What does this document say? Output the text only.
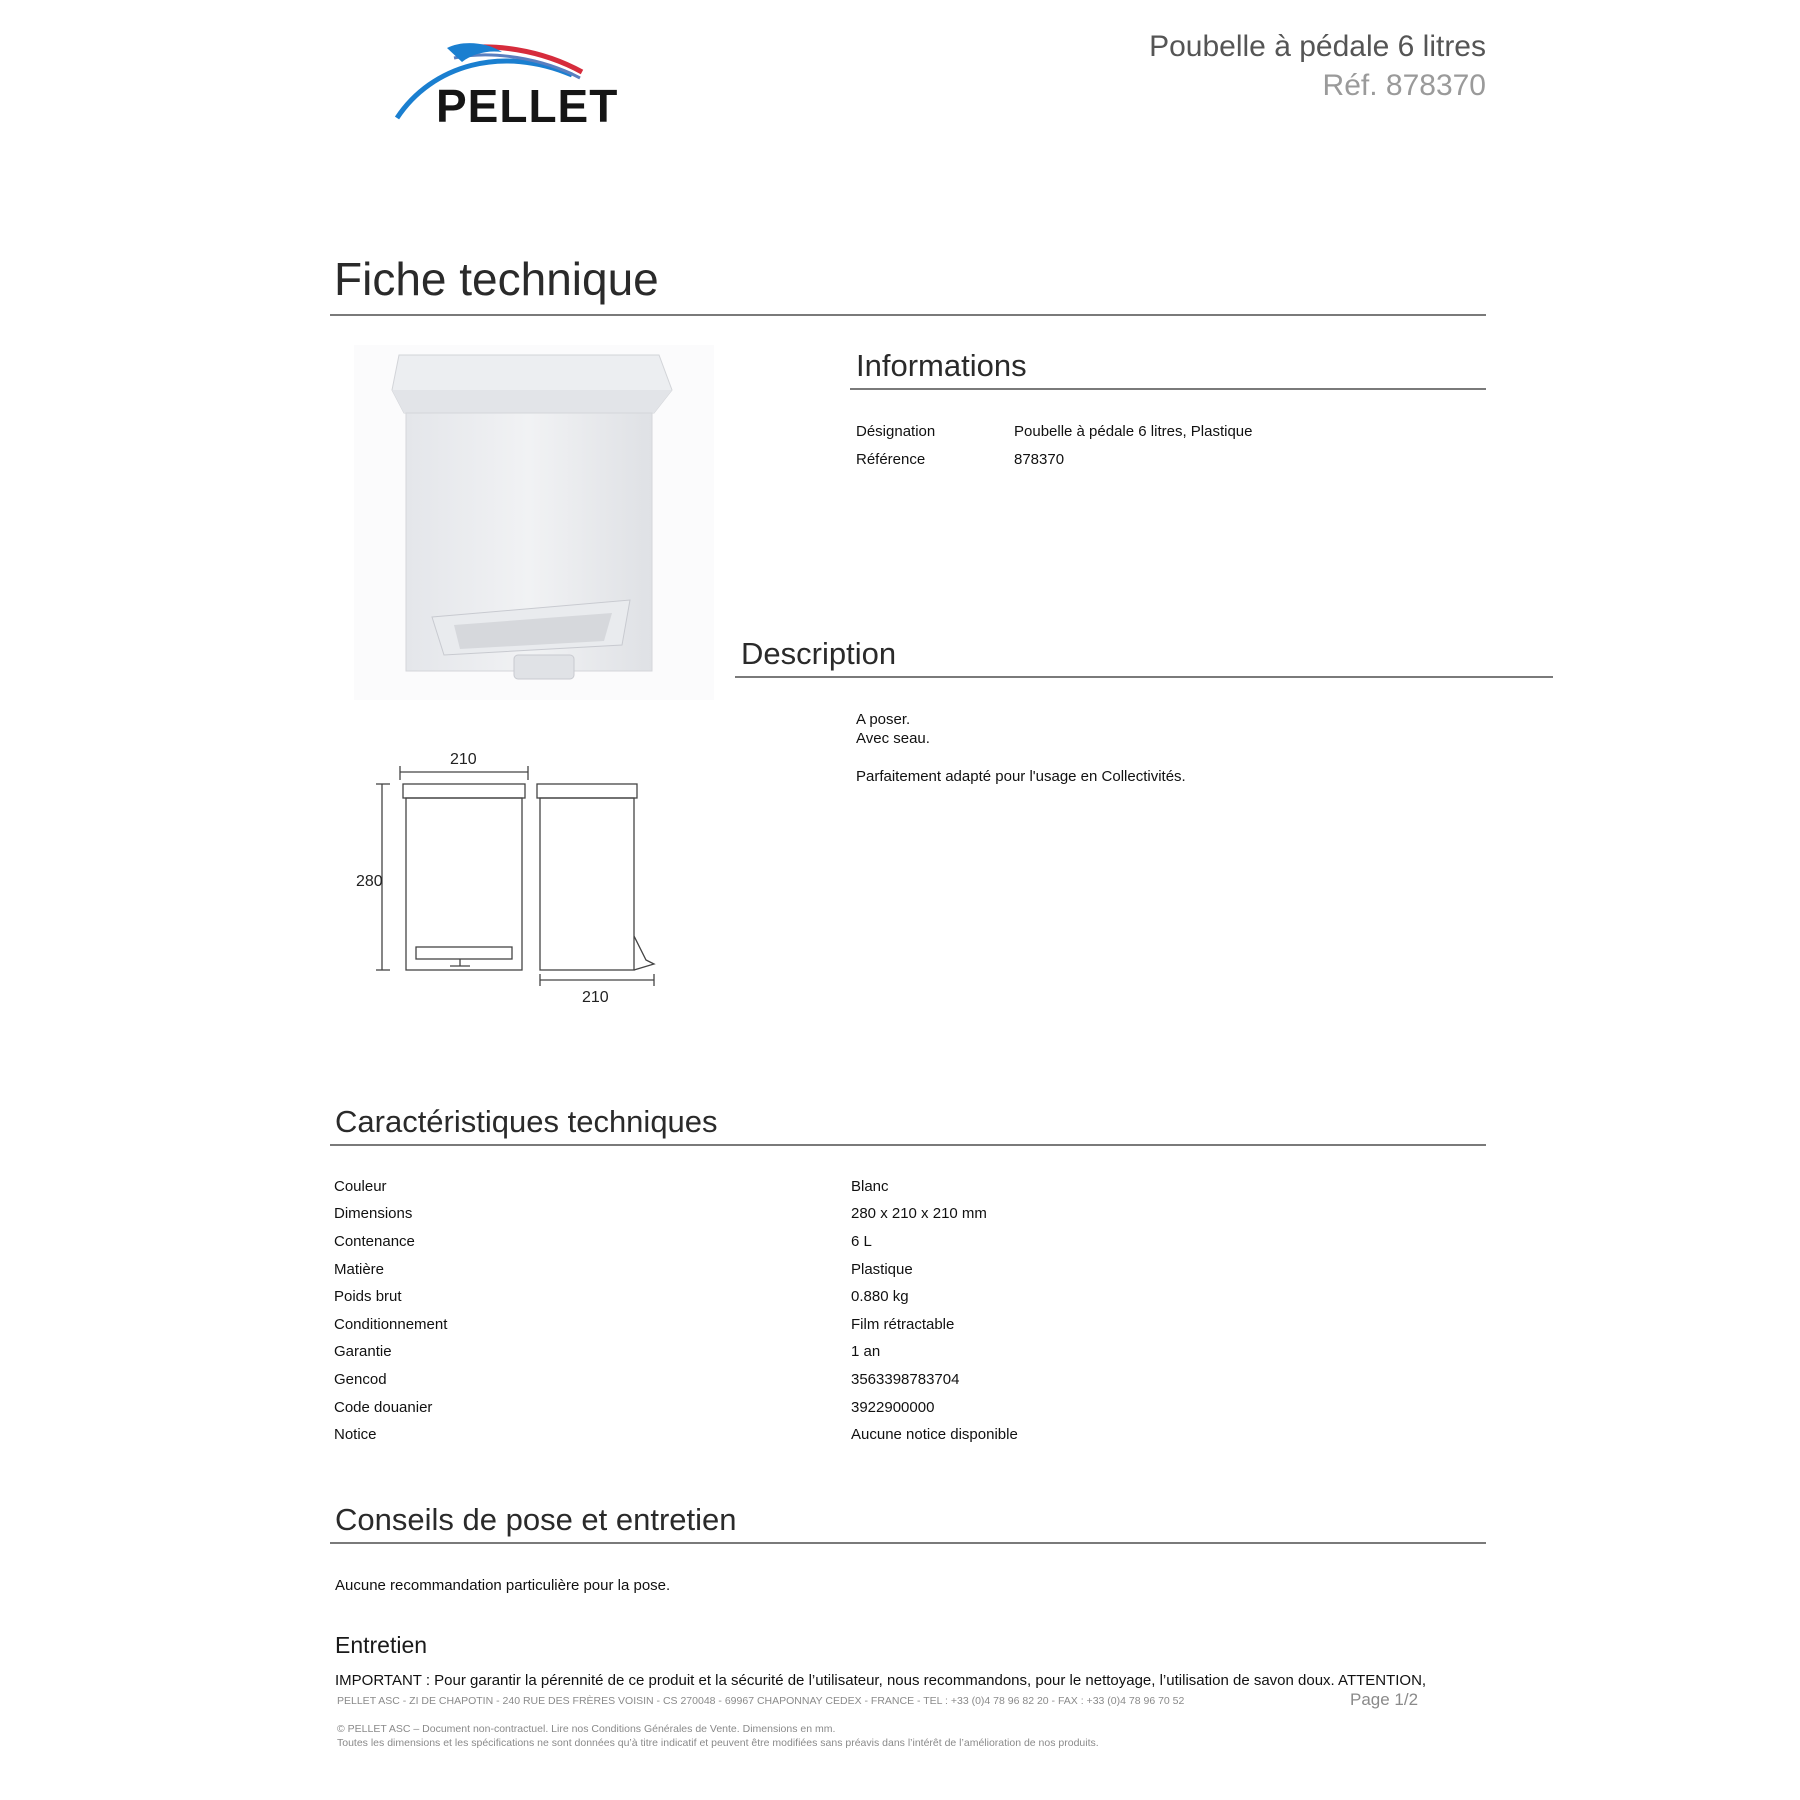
PELLET
Poubelle à pédale 6 litres
Réf. 878370
Fiche technique
210
280
210
Informations
Désignation	Poubelle à pédale 6 litres, Plastique
Référence	878370
Description
A poser.
Avec seau.
Parfaitement adapté pour l'usage en Collectivités.
Caractéristiques techniques
Couleur	Blanc
Dimensions	280 x 210 x 210 mm
Contenance	6 L
Matière	Plastique
Poids brut	0.880 kg
Conditionnement	Film rétractable
Garantie	1 an
Gencod	3563398783704
Code douanier	3922900000
Notice	Aucune notice disponible
Conseils de pose et entretien
Aucune recommandation particulière pour la pose.
Entretien
IMPORTANT : Pour garantir la pérennité de ce produit et la sécurité de l’utilisateur, nous recommandons, pour le nettoyage, l’utilisation de savon doux. ATTENTION,
PELLET ASC - ZI DE CHAPOTIN - 240 RUE DES FRÈRES VOISIN - CS 270048 - 69967 CHAPONNAY CEDEX - FRANCE - TEL : +33 (0)4 78 96 82 20 - FAX : +33 (0)4 78 96 70 52	Page 1/2
© PELLET ASC – Document non-contractuel. Lire nos Conditions Générales de Vente. Dimensions en mm.
Toutes les dimensions et les spécifications ne sont données qu’à titre indicatif et peuvent être modifiées sans préavis dans l’intérêt de l’amélioration de nos produits.
